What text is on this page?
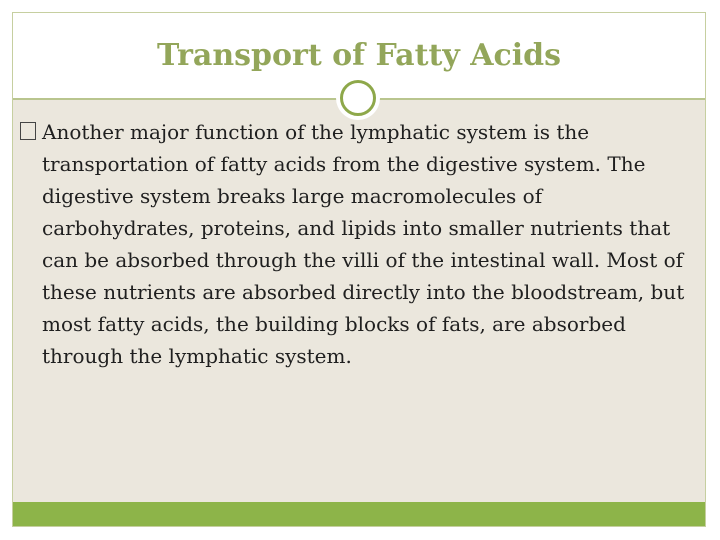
Transport of Fatty Acids

Another major function of the lymphatic system is the transportation of fatty acids from the digestive system. The digestive system breaks large macromolecules of carbohydrates, proteins, and lipids into smaller nutrients that can be absorbed through the villi of the intestinal wall. Most of these nutrients are absorbed directly into the bloodstream, but most fatty acids, the building blocks of fats, are absorbed through the lymphatic system.
